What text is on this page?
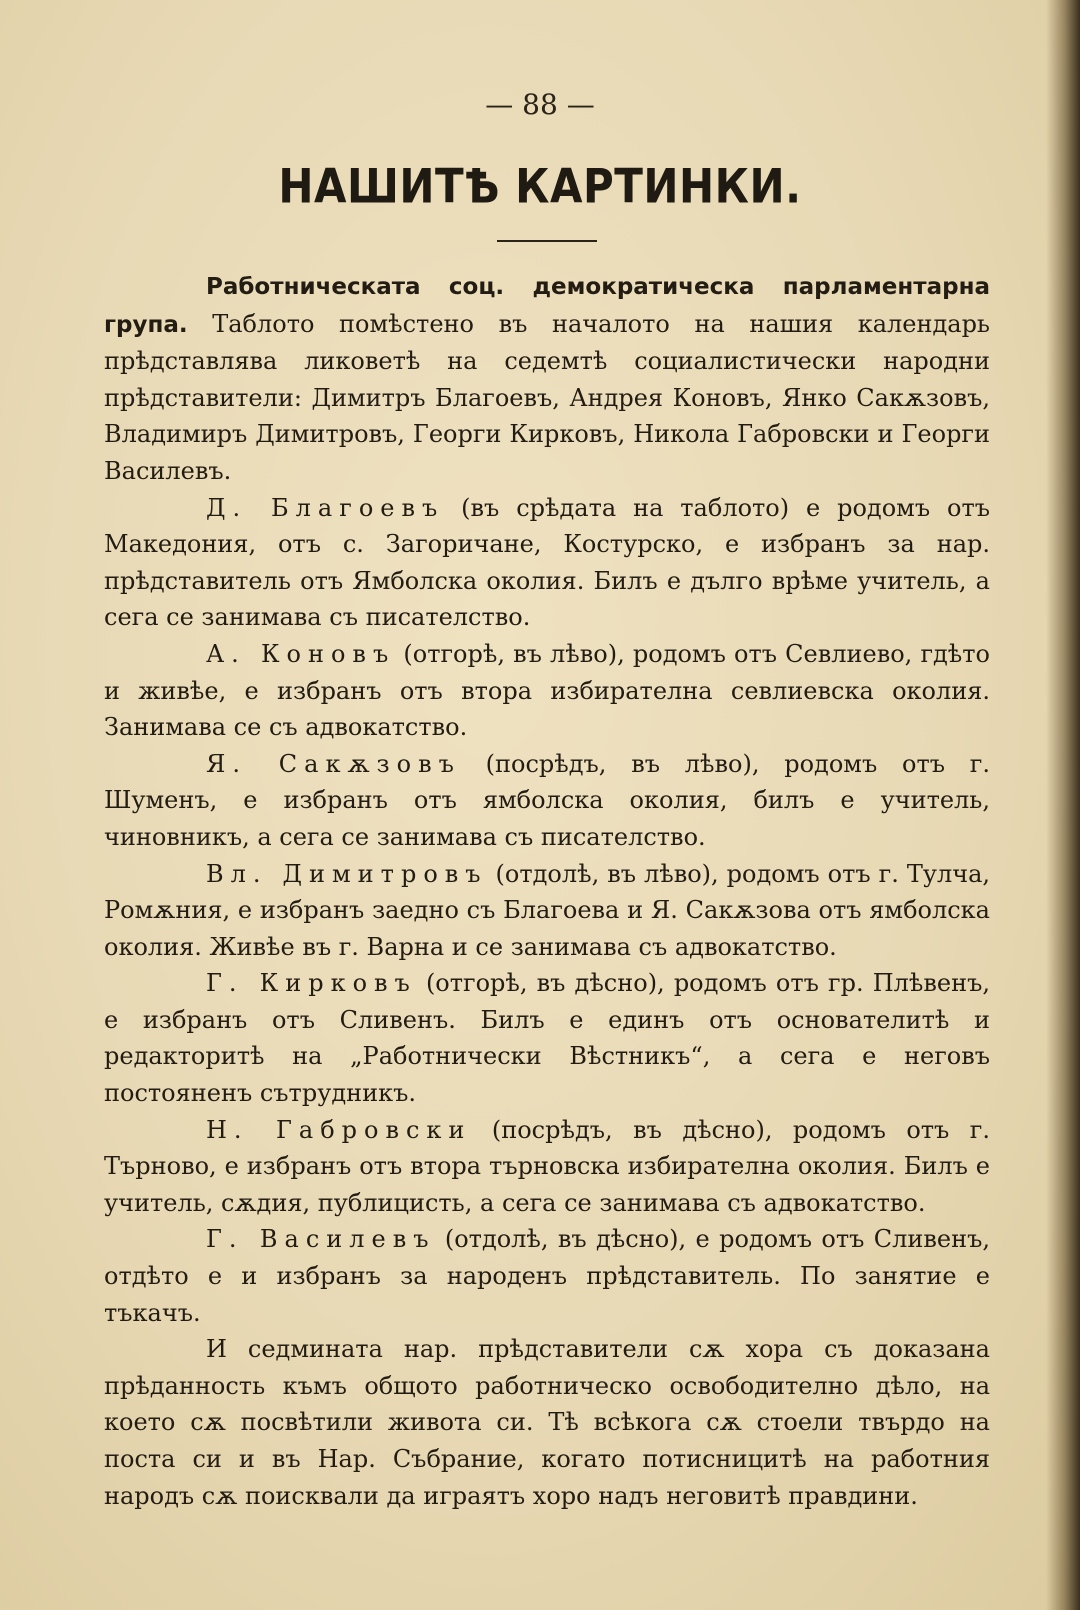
— 88 —
НАШИТѢ КАРТИНКИ.

Работническата соц. демократическа парламентарна група. Таблото помѣстено въ началото на нашия календарь прѣдставлява ликоветѣ на седемтѣ социалистически народни прѣдставители: Димитръ Благоевъ, Андрея Коновъ, Янко Сакѫзовъ, Владимиръ Димитровъ, Георги Кирковъ, Никола Габровски и Георги Василевъ.

Д. Благоевъ (въ срѣдата на таблото) е родомъ отъ Македония, отъ с. Загоричане, Костурско, е избранъ за нар. прѣдставитель отъ Ямболска околия. Билъ е дълго врѣме учитель, а сега се занимава съ писателство.

А. Коновъ (отгорѣ, въ лѣво), родомъ отъ Севлиево, гдѣто и живѣе, е избранъ отъ втора избирателна севлиевска околия. Занимава се съ адвокатство.

Я. Сакѫзовъ (посрѣдъ, въ лѣво), родомъ отъ г. Шуменъ, е избранъ отъ ямболска околия, билъ е учитель, чиновникъ, а сега се занимава съ писателство.

Вл. Димитровъ (отдолѣ, въ лѣво), родомъ отъ г. Тулча, Ромѫния, е избранъ заедно съ Благоева и Я. Сакѫзова отъ ямболска околия. Живѣе въ г. Варна и се занимава съ адвокатство.

Г. Кирковъ (отгорѣ, въ дѣсно), родомъ отъ гр. Плѣвенъ, е избранъ отъ Сливенъ. Билъ е единъ отъ основателитѣ и редакторитѣ на „Работнически Вѣстникъ“, а сега е неговъ постояненъ сътрудникъ.

Н. Габровски (посрѣдъ, въ дѣсно), родомъ отъ г. Търново, е избранъ отъ втора търновска избирателна околия. Билъ е учитель, сѫдия, публицисть, а сега се занимава съ адвокатство.

Г. Василевъ (отдолѣ, въ дѣсно), е родомъ отъ Сливенъ, отдѣто е и избранъ за народенъ прѣдставитель. По занятие е тъкачъ.

И седмината нар. прѣдставители сѫ хора съ доказана прѣданность къмъ общото работническо освободително дѣло, на което сѫ посвѣтили живота си. Тѣ всѣкога сѫ стоели твърдо на поста си и въ Нар. Събрание, когато потисницитѣ на работния народъ сѫ поисквали да играятъ хоро надъ неговитѣ правдини.
